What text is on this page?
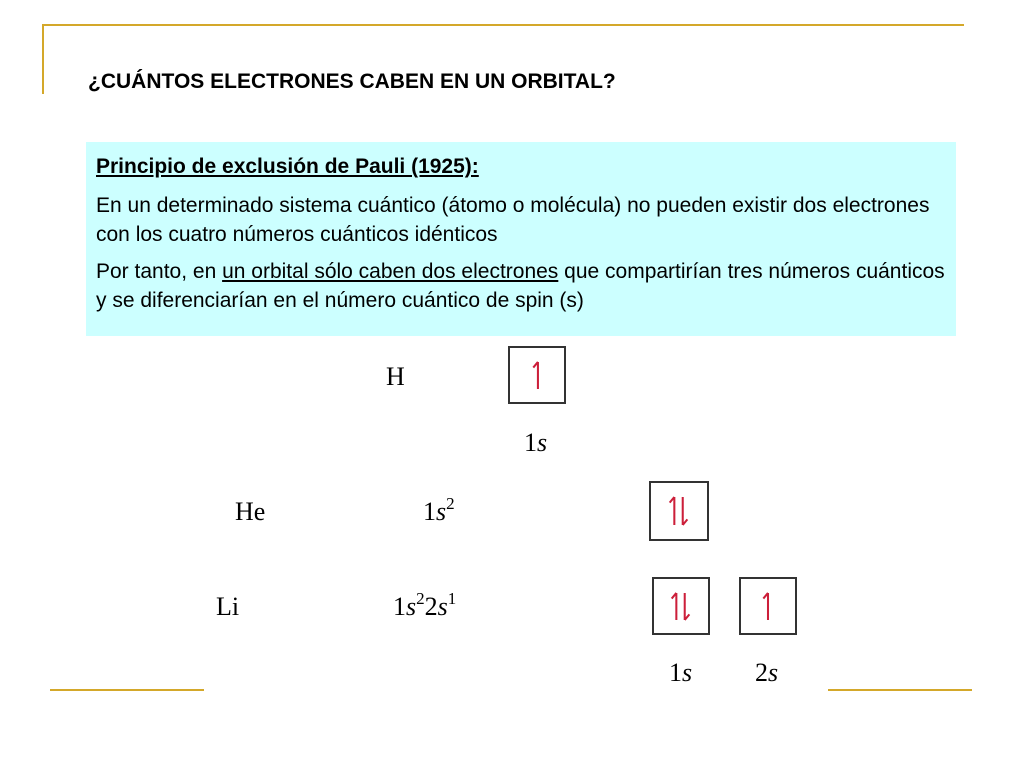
¿CUÁNTOS ELECTRONES CABEN EN UN ORBITAL?
Principio de exclusión de Pauli (1925):
En un determinado sistema cuántico (átomo o molécula) no pueden existir dos electrones con los cuatro números cuánticos idénticos
Por tanto, en un orbital sólo caben dos electrones que compartirían tres números cuánticos y se diferenciarían en el número cuántico de spin (s)
H
1s
He	$1s^2$
Li	$1s^22s^1$
1s 2s
